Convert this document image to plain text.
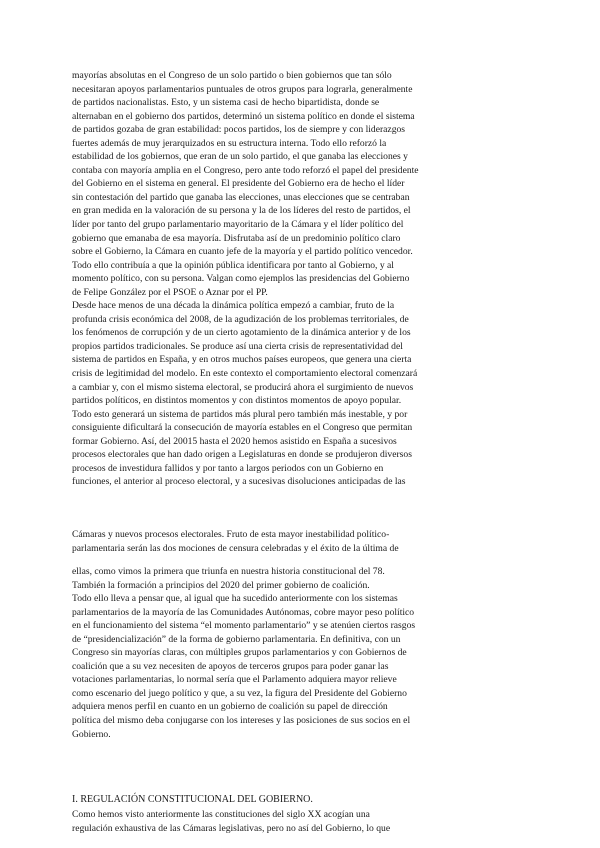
mayorías absolutas en el Congreso de un solo partido o bien gobiernos que tan sólo
necesitaran apoyos parlamentarios puntuales de otros grupos para lograrla, generalmente
de partidos nacionalistas. Esto, y un sistema casi de hecho bipartidista, donde se
alternaban en el gobierno dos partidos, determinó un sistema político en donde el sistema
de partidos gozaba de gran estabilidad: pocos partidos, los de siempre y con liderazgos
fuertes además de muy jerarquizados en su estructura interna. Todo ello reforzó la
estabilidad de los gobiernos, que eran de un solo partido, el que ganaba las elecciones y
contaba con mayoría amplia en el Congreso, pero ante todo reforzó el papel del presidente
del Gobierno en el sistema en general. El presidente del Gobierno era de hecho el líder
sin contestación del partido que ganaba las elecciones, unas elecciones que se centraban
en gran medida en la valoración de su persona y la de los líderes del resto de partidos, el
líder por tanto del grupo parlamentario mayoritario de la Cámara y el líder político del
gobierno que emanaba de esa mayoría. Disfrutaba así de un predominio político claro
sobre el Gobierno, la Cámara en cuanto jefe de la mayoría y el partido político vencedor.
Todo ello contribuía a que la opinión pública identificara por tanto al Gobierno, y al
momento político, con su persona. Valgan como ejemplos las presidencias del Gobierno
de Felipe González por el PSOE o Aznar por el PP.
Desde hace menos de una década la dinámica política empezó a cambiar, fruto de la
profunda crisis económica del 2008, de la agudización de los problemas territoriales, de
los fenómenos de corrupción y de un cierto agotamiento de la dinámica anterior y de los
propios partidos tradicionales. Se produce así una cierta crisis de representatividad del
sistema de partidos en España, y en otros muchos países europeos, que genera una cierta
crisis de legitimidad del modelo. En este contexto el comportamiento electoral comenzará
a cambiar y, con el mismo sistema electoral, se producirá ahora el surgimiento de nuevos
partidos políticos, en distintos momentos y con distintos momentos de apoyo popular.
Todo esto generará un sistema de partidos más plural pero también más inestable, y por
consiguiente dificultará la consecución de mayoría estables en el Congreso que permitan
formar Gobierno. Así, del 20015 hasta el 2020 hemos asistido en España a sucesivos
procesos electorales que han dado origen a Legislaturas en donde se produjeron diversos
procesos de investidura fallidos y por tanto a largos periodos con un Gobierno en
funciones, el anterior al proceso electoral, y a sucesivas disoluciones anticipadas de las
Cámaras y nuevos procesos electorales. Fruto de esta mayor inestabilidad político-
parlamentaria serán las dos mociones de censura celebradas y el éxito de la última de
ellas, como vimos la primera que triunfa en nuestra historia constitucional del 78.
También la formación a principios del 2020 del primer gobierno de coalición.
Todo ello lleva a pensar que, al igual que ha sucedido anteriormente con los sistemas
parlamentarios de la mayoría de las Comunidades Autónomas, cobre mayor peso político
en el funcionamiento del sistema “el momento parlamentario” y se atenúen ciertos rasgos
de “presidencialización” de la forma de gobierno parlamentaria. En definitiva, con un
Congreso sin mayorías claras, con múltiples grupos parlamentarios y con Gobiernos de
coalición que a su vez necesiten de apoyos de terceros grupos para poder ganar las
votaciones parlamentarias, lo normal sería que el Parlamento adquiera mayor relieve
como escenario del juego político y que, a su vez, la figura del Presidente del Gobierno
adquiera menos perfil en cuanto en un gobierno de coalición su papel de dirección
política del mismo deba conjugarse con los intereses y las posiciones de sus socios en el
Gobierno.
I. REGULACIÓN CONSTITUCIONAL DEL GOBIERNO.
Como hemos visto anteriormente las constituciones del siglo XX acogían una
regulación exhaustiva de las Cámaras legislativas, pero no así del Gobierno, lo que
